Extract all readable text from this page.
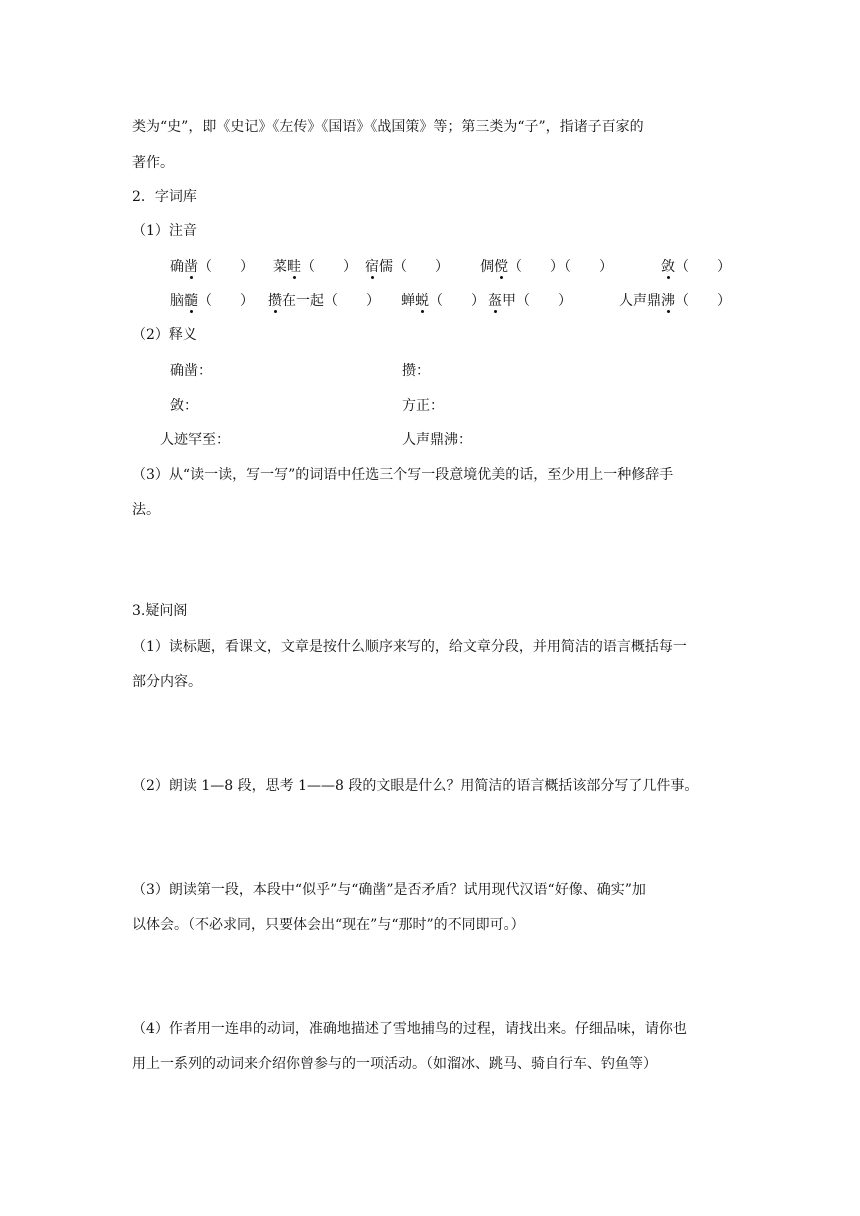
类为“史”，即《史记》《左传》《国语》《战国策》等；第三类为“子”，指诸子百家的
著作。
2．字词库
（1）注音
确凿（　　） 菜畦（　　） 宿儒（　　） 倜傥（　　）（　　）	敛（　　）
脑髓（　　） 攒在一起（　　） 蝉蜕（　　） 盔甲（　　）	人声鼎沸（　　）
（2）释义
确凿：	攒：
敛：	方正：
人迹罕至：	人声鼎沸：
（3）从“读一读，写一写”的词语中任选三个写一段意境优美的话，至少用上一种修辞手
法。
3.疑问阁
（1）读标题，看课文，文章是按什么顺序来写的，给文章分段，并用简洁的语言概括每一
部分内容。
（2）朗读 1—8 段，思考 1——8 段的文眼是什么？用简洁的语言概括该部分写了几件事。
（3）朗读第一段，本段中“似乎”与“确凿”是否矛盾？试用现代汉语“好像、确实”加
以体会。（不必求同，只要体会出“现在”与“那时”的不同即可。）
（4）作者用一连串的动词，准确地描述了雪地捕鸟的过程，请找出来。仔细品味，请你也
用上一系列的动词来介绍你曾参与的一项活动。（如溜冰、跳马、骑自行车、钓鱼等）
